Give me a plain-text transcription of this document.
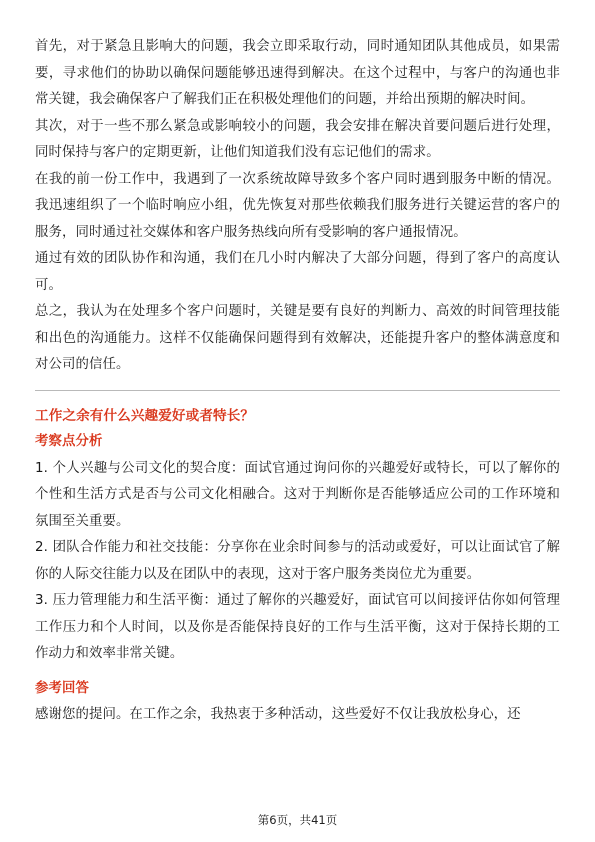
首先，对于紧急且影响大的问题，我会立即采取行动，同时通知团队其他成员，如果需要，寻求他们的协助以确保问题能够迅速得到解决。在这个过程中，与客户的沟通也非常关键，我会确保客户了解我们正在积极处理他们的问题，并给出预期的解决时间。

其次，对于一些不那么紧急或影响较小的问题，我会安排在解决首要问题后进行处理，同时保持与客户的定期更新，让他们知道我们没有忘记他们的需求。

在我的前一份工作中，我遇到了一次系统故障导致多个客户同时遇到服务中断的情况。我迅速组织了一个临时响应小组，优先恢复对那些依赖我们服务进行关键运营的客户的服务，同时通过社交媒体和客户服务热线向所有受影响的客户通报情况。

通过有效的团队协作和沟通，我们在几小时内解决了大部分问题，得到了客户的高度认可。

总之，我认为在处理多个客户问题时，关键是要有良好的判断力、高效的时间管理技能和出色的沟通能力。这样不仅能确保问题得到有效解决，还能提升客户的整体满意度和对公司的信任。

工作之余有什么兴趣爱好或者特长？

考察点分析

1. 个人兴趣与公司文化的契合度：面试官通过询问你的兴趣爱好或特长，可以了解你的个性和生活方式是否与公司文化相融合。这对于判断你是否能够适应公司的工作环境和氛围至关重要。

2. 团队合作能力和社交技能：分享你在业余时间参与的活动或爱好，可以让面试官了解你的人际交往能力以及在团队中的表现，这对于客户服务类岗位尤为重要。

3. 压力管理能力和生活平衡：通过了解你的兴趣爱好，面试官可以间接评估你如何管理工作压力和个人时间，以及你是否能保持良好的工作与生活平衡，这对于保持长期的工作动力和效率非常关键。

参考回答

感谢您的提问。在工作之余，我热衷于多种活动，这些爱好不仅让我放松身心，还

第6页，共41页
